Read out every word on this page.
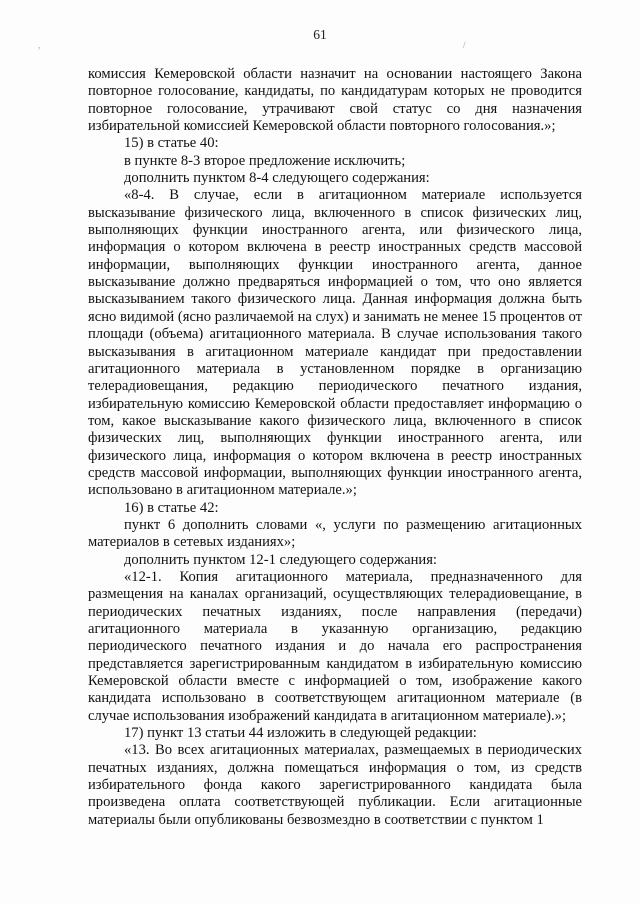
61
,	/

комиссия Кемеровской области назначит на основании настоящего Закона повторное голосование, кандидаты, по кандидатурам которых не проводится повторное голосование, утрачивают свой статус со дня назначения избирательной комиссией Кемеровской области повторного голосования.»;

15) в статье 40:

в пункте 8-3 второе предложение исключить;

дополнить пунктом 8-4 следующего содержания:

«8-4. В случае, если в агитационном материале используется высказывание физического лица, включенного в список физических лиц, выполняющих функции иностранного агента, или физического лица, информация о котором включена в реестр иностранных средств массовой информации, выполняющих функции иностранного агента, данное высказывание должно предваряться информацией о том, что оно является высказыванием такого физического лица. Данная информация должна быть ясно видимой (ясно различаемой на слух) и занимать не менее 15 процентов от площади (объема) агитационного материала. В случае использования такого высказывания в агитационном материале кандидат при предоставлении агитационного материала в установленном порядке в организацию телерадиовещания, редакцию периодического печатного издания, избирательную комиссию Кемеровской области предоставляет информацию о том, какое высказывание какого физического лица, включенного в список физических лиц, выполняющих функции иностранного агента, или физического лица, информация о котором включена в реестр иностранных средств массовой информации, выполняющих функции иностранного агента, использовано в агитационном материале.»;

16) в статье 42:

пункт 6 дополнить словами «, услуги по размещению агитационных материалов в сетевых изданиях»;

дополнить пунктом 12-1 следующего содержания:

«12-1. Копия агитационного материала, предназначенного для размещения на каналах организаций, осуществляющих телерадиовещание, в периодических печатных изданиях, после направления (передачи) агитационного материала в указанную организацию, редакцию периодического печатного издания и до начала его распространения представляется зарегистрированным кандидатом в избирательную комиссию Кемеровской области вместе с информацией о том, изображение какого кандидата использовано в соответствующем агитационном материале (в случае использования изображений кандидата в агитационном материале).»;

17) пункт 13 статьи 44 изложить в следующей редакции:

«13. Во всех агитационных материалах, размещаемых в периодических печатных изданиях, должна помещаться информация о том, из средств избирательного фонда какого зарегистрированного кандидата была произведена оплата соответствующей публикации. Если агитационные материалы были опубликованы безвозмездно в соответствии с пунктом 1
